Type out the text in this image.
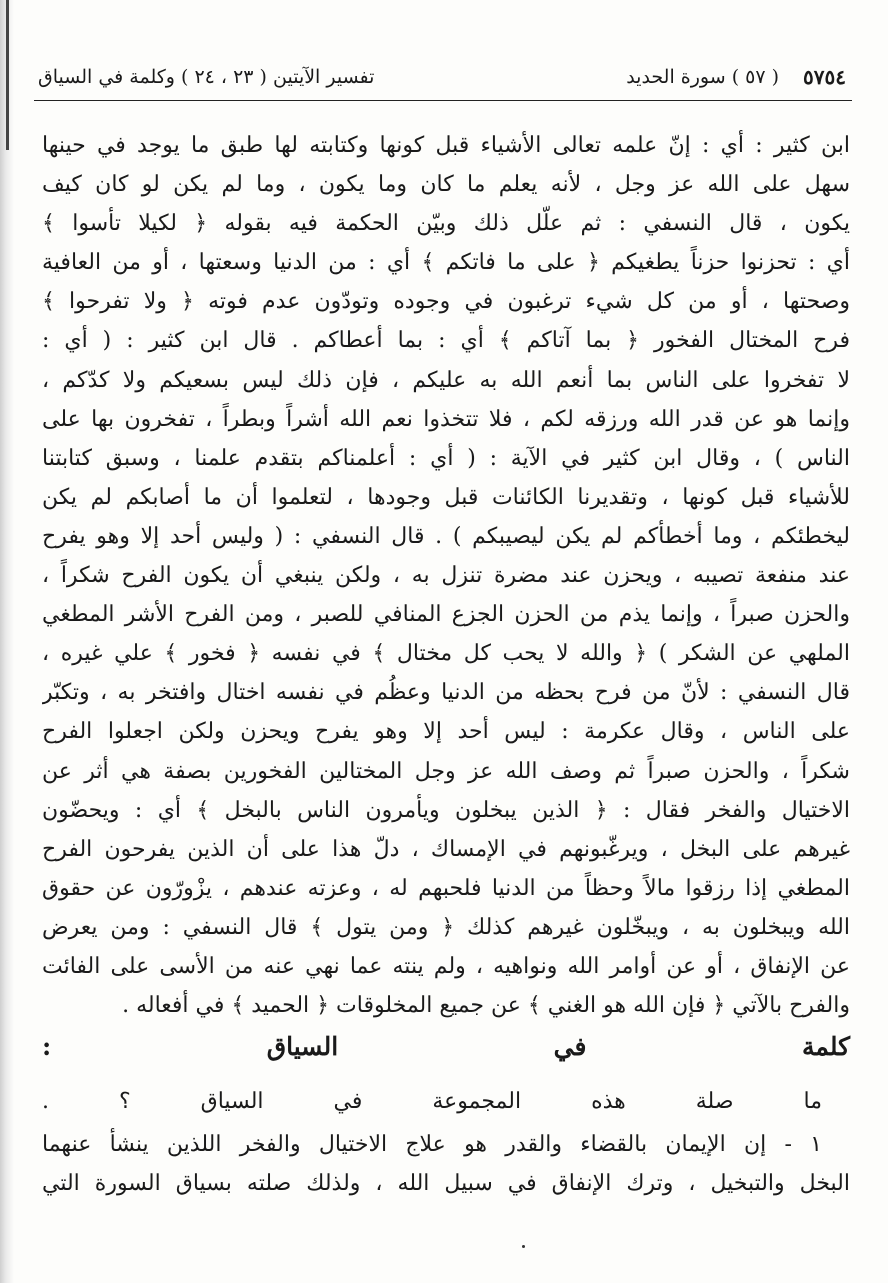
٥٧٥٤
( ٥٧ ) سورة الحديد
تفسير الآيتين ( ٢٣ ، ٢٤ ) وكلمة في السياق
ابن كثير : أي : إنّ علمه تعالى الأشياء قبل كونها وكتابته لها طبق ما يوجد في حينها
سهل على الله عز وجل ، لأنه يعلم ما كان وما يكون ، وما لم يكن لو كان كيف
يكون ، قال النسفي : ثم علّل ذلك وبيّن الحكمة فيه بقوله ﴿ لكيلا تأسوا ﴾
أي : تحزنوا حزناً يطغيكم ﴿ على ما فاتكم ﴾ أي : من الدنيا وسعتها ، أو من العافية
وصحتها ، أو من كل شيء ترغبون في وجوده وتودّون عدم فوته ﴿ ولا تفرحوا ﴾
فرح المختال الفخور ﴿ بما آتاكم ﴾ أي : بما أعطاكم . قال ابن كثير : ( أي :
لا تفخروا على الناس بما أنعم الله به عليكم ، فإن ذلك ليس بسعيكم ولا كدّكم ،
وإنما هو عن قدر الله ورزقه لكم ، فلا تتخذوا نعم الله أشراً وبطراً ، تفخرون بها على
الناس ) ، وقال ابن كثير في الآية : ( أي : أعلمناكم بتقدم علمنا ، وسبق كتابتنا
للأشياء قبل كونها ، وتقديرنا الكائنات قبل وجودها ، لتعلموا أن ما أصابكم لم يكن
ليخطئكم ، وما أخطأكم لم يكن ليصيبكم ) . قال النسفي : ( وليس أحد إلا وهو يفرح
عند منفعة تصيبه ، ويحزن عند مضرة تنزل به ، ولكن ينبغي أن يكون الفرح شكراً ،
والحزن صبراً ، وإنما يذم من الحزن الجزع المنافي للصبر ، ومن الفرح الأشر المطغي
الملهي عن الشكر ) ﴿ والله لا يحب كل مختال ﴾ في نفسه ﴿ فخور ﴾ علي غيره ،
قال النسفي : لأنّ من فرح بحظه من الدنيا وعظُم في نفسه اختال وافتخر به ، وتكبّر
على الناس ، وقال عكرمة : ليس أحد إلا وهو يفرح ويحزن ولكن اجعلوا الفرح
شكراً ، والحزن صبراً ثم وصف الله عز وجل المختالين الفخورين بصفة هي أثر عن
الاختيال والفخر فقال : ﴿ الذين يبخلون ويأمرون الناس بالبخل ﴾ أي : ويحضّون
غيرهم على البخل ، ويرغّبونهم في الإمساك ، دلّ هذا على أن الذين يفرحون الفرح
المطغي إذا رزقوا مالاً وحظاً من الدنيا فلحبهم له ، وعزته عندهم ، يزْورّون عن حقوق
الله ويبخلون به ، ويبخّلون غيرهم كذلك ﴿ ومن يتول ﴾ قال النسفي : ومن يعرض
عن الإنفاق ، أو عن أوامر الله ونواهيه ، ولم ينته عما نهي عنه من الأسى على الفائت
والفرح بالآتي ﴿ فإن الله هو الغني ﴾ عن جميع المخلوقات ﴿ الحميد ﴾ في أفعاله .
كلمة في السياق :
ما صلة هذه المجموعة في السياق ؟ .
١ - إن الإيمان بالقضاء والقدر هو علاج الاختيال والفخر اللذين ينشأ عنهما
البخل والتبخيل ، وترك الإنفاق في سبيل الله ، ولذلك صلته بسياق السورة التي
